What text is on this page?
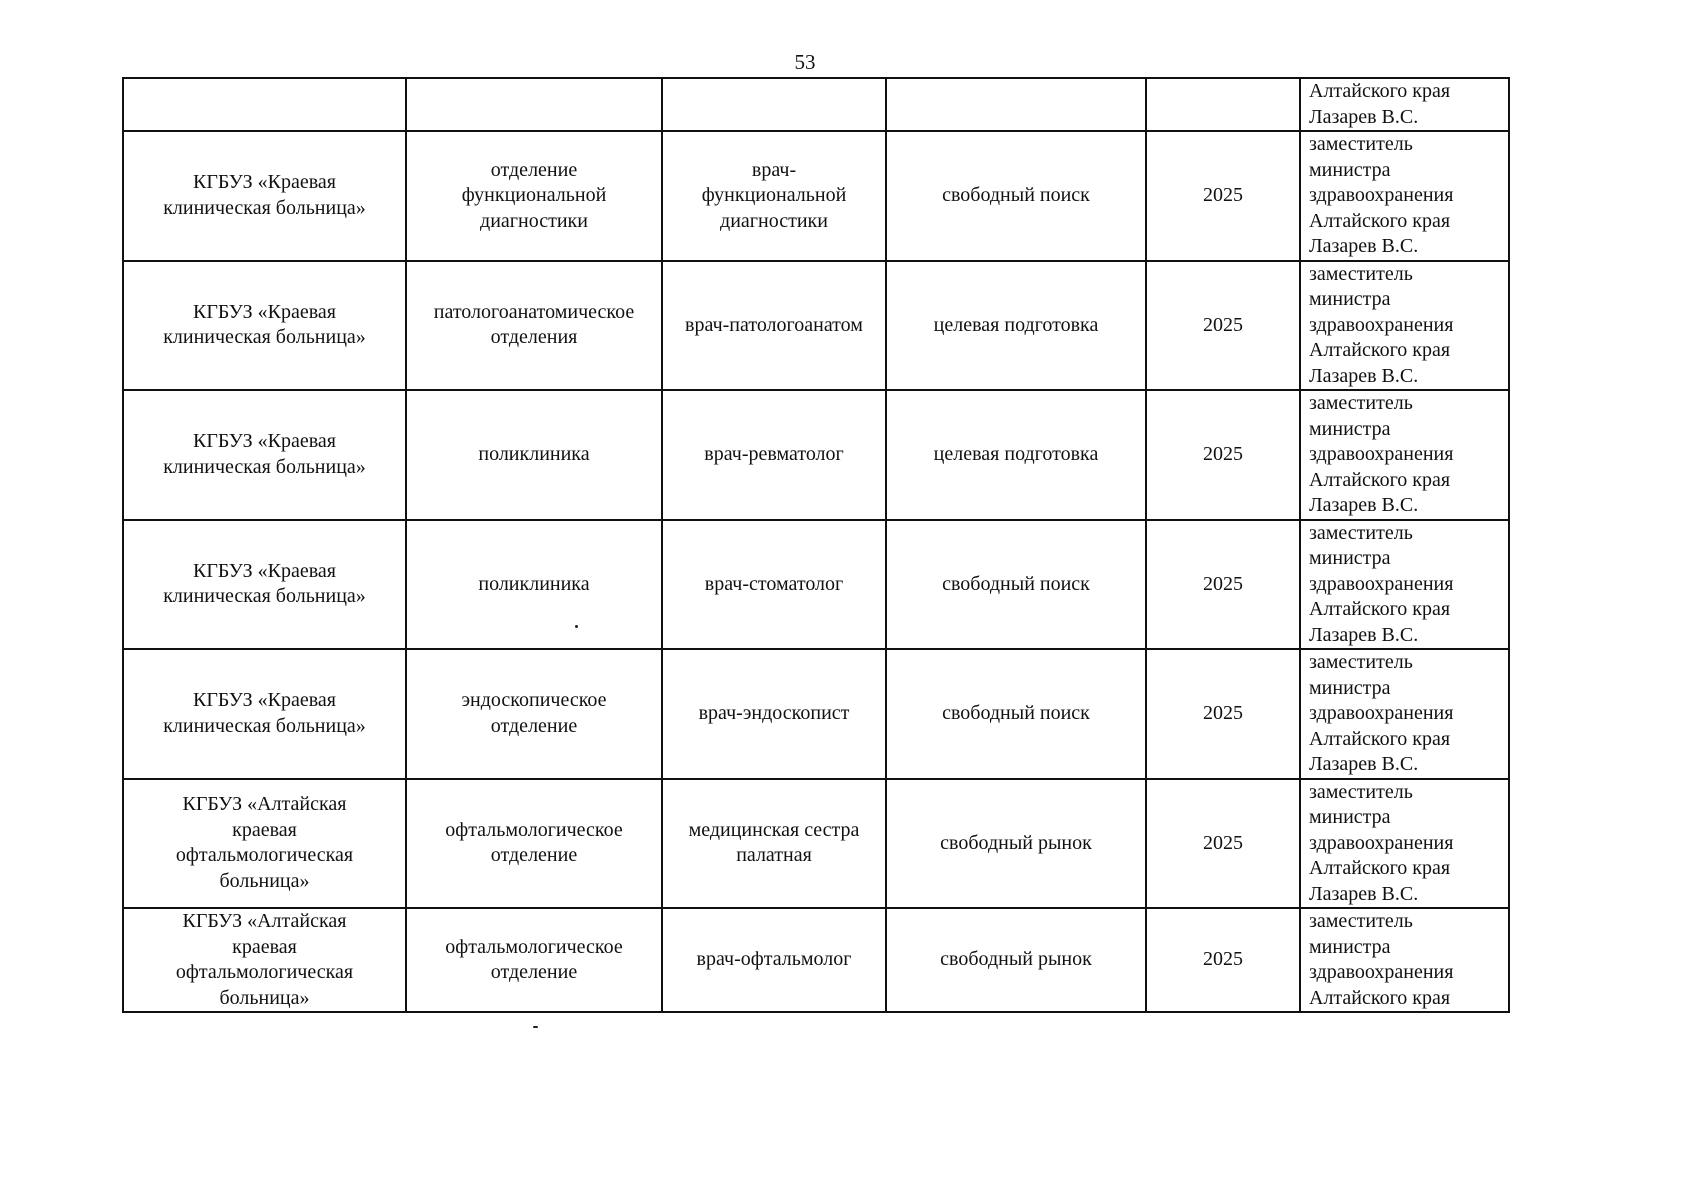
53

					Алтайского края
Лазарев В.С.

КГБУЗ «Краевая
клиническая больница»	отделение
функциональной
диагностики	врач-
функциональной
диагностики	свободный поиск	2025	заместитель
министра
здравоохранения
Алтайского края
Лазарев В.С.

КГБУЗ «Краевая
клиническая больница»	патологоанатомическое
отделения	врач-патологоанатом	целевая подготовка	2025	заместитель
министра
здравоохранения
Алтайского края
Лазарев В.С.

КГБУЗ «Краевая
клиническая больница»	поликлиника	врач-ревматолог	целевая подготовка	2025	заместитель
министра
здравоохранения
Алтайского края
Лазарев В.С.

КГБУЗ «Краевая
клиническая больница»	поликлиника	врач-стоматолог	свободный поиск	2025	заместитель
министра
здравоохранения
Алтайского края
Лазарев В.С.

КГБУЗ «Краевая
клиническая больница»	эндоскопическое
отделение	врач-эндоскопист	свободный поиск	2025	заместитель
министра
здравоохранения
Алтайского края
Лазарев В.С.

КГБУЗ «Алтайская
краевая
офтальмологическая
больница»	офтальмологическое
отделение	медицинская сестра
палатная	свободный рынок	2025	заместитель
министра
здравоохранения
Алтайского края
Лазарев В.С.

КГБУЗ «Алтайская
краевая
офтальмологическая
больница»	офтальмологическое
отделение	врач-офтальмолог	свободный рынок	2025	заместитель
министра
здравоохранения
Алтайского края
